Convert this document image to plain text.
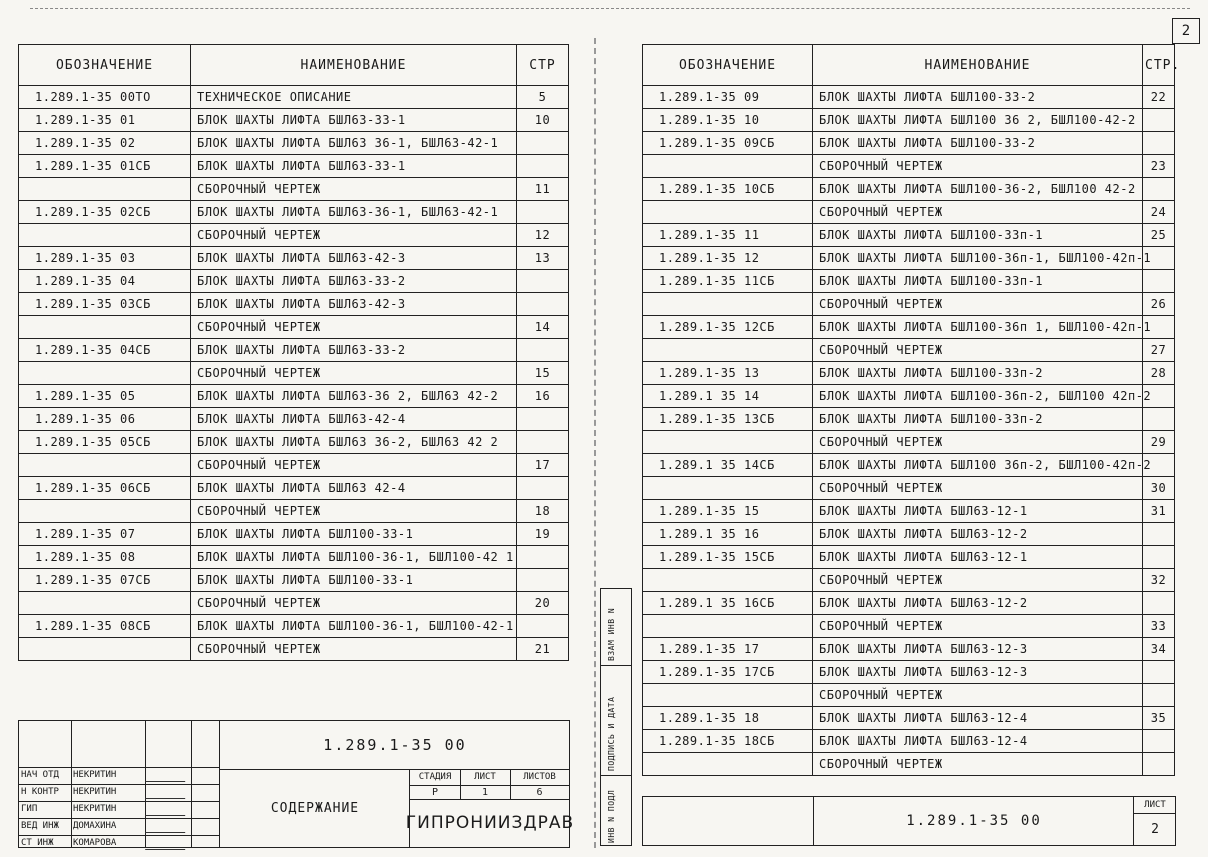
ОБОЗНАЧЕНИЕ	НАИМЕНОВАНИЕ	СТР
1.289.1-35 00ТО	ТЕХНИЧЕСКОЕ ОПИСАНИЕ	5
1.289.1-35 01	БЛОК ШАХТЫ ЛИФТА БШЛ63-33-1	10
1.289.1-35 02	БЛОК ШАХТЫ ЛИФТА БШЛ63 36-1, БШЛ63-42-1	
1.289.1-35 01СБ	БЛОК ШАХТЫ ЛИФТА БШЛ63-33-1	
	СБОРОЧНЫЙ ЧЕРТЕЖ	11
1.289.1-35 02СБ	БЛОК ШАХТЫ ЛИФТА БШЛ63-36-1, БШЛ63-42-1	
	СБОРОЧНЫЙ ЧЕРТЕЖ	12
1.289.1-35 03	БЛОК ШАХТЫ ЛИФТА БШЛ63-42-3	13
1.289.1-35 04	БЛОК ШАХТЫ ЛИФТА БШЛ63-33-2	
1.289.1-35 03СБ	БЛОК ШАХТЫ ЛИФТА БШЛ63-42-3	
	СБОРОЧНЫЙ ЧЕРТЕЖ	14
1.289.1-35 04СБ	БЛОК ШАХТЫ ЛИФТА БШЛ63-33-2	
	СБОРОЧНЫЙ ЧЕРТЕЖ	15
1.289.1-35 05	БЛОК ШАХТЫ ЛИФТА БШЛ63-36 2, БШЛ63 42-2	16
1.289.1-35 06	БЛОК ШАХТЫ ЛИФТА БШЛ63-42-4	
1.289.1-35 05СБ	БЛОК ШАХТЫ ЛИФТА БШЛ63 36-2, БШЛ63 42 2	
	СБОРОЧНЫЙ ЧЕРТЕЖ	17
1.289.1-35 06СБ	БЛОК ШАХТЫ ЛИФТА БШЛ63 42-4	
	СБОРОЧНЫЙ ЧЕРТЕЖ	18
1.289.1-35 07	БЛОК ШАХТЫ ЛИФТА БШЛ100-33-1	19
1.289.1-35 08	БЛОК ШАХТЫ ЛИФТА БШЛ100-36-1, БШЛ100-42 1	
1.289.1-35 07СБ	БЛОК ШАХТЫ ЛИФТА БШЛ100-33-1	
	СБОРОЧНЫЙ ЧЕРТЕЖ	20
1.289.1-35 08СБ	БЛОК ШАХТЫ ЛИФТА БШЛ100-36-1, БШЛ100-42-1	
	СБОРОЧНЫЙ ЧЕРТЕЖ	21
1.289.1-35 00
СОДЕРЖАНИЕ
СТАДИЯ	ЛИСТ	ЛИСТОВ
Р	1	6
ГИПРОНИИЗДРАВ
НАЧ ОТД НЕКРИТИН
Н КОНТР НЕКРИТИН
ГИП	НЕКРИТИН
ВЕД ИНЖ ДОМАХИНА
СТ ИНЖ КОМАРОВА
2
ОБОЗНАЧЕНИЕ	НАИМЕНОВАНИЕ	СТР.
1.289.1-35 09	БЛОК ШАХТЫ ЛИФТА БШЛ100-33-2	22
1.289.1-35 10	БЛОК ШАХТЫ ЛИФТА БШЛ100 36 2, БШЛ100-42-2	
1.289.1-35 09СБ	БЛОК ШАХТЫ ЛИФТА БШЛ100-33-2	
	СБОРОЧНЫЙ ЧЕРТЕЖ	23
1.289.1-35 10СБ	БЛОК ШАХТЫ ЛИФТА БШЛ100-36-2, БШЛ100 42-2	
	СБОРОЧНЫЙ ЧЕРТЕЖ	24
1.289.1-35 11	БЛОК ШАХТЫ ЛИФТА БШЛ100-33п-1	25
1.289.1-35 12	БЛОК ШАХТЫ ЛИФТА БШЛ100-36п-1, БШЛ100-42п-1	
1.289.1-35 11СБ	БЛОК ШАХТЫ ЛИФТА БШЛ100-33п-1	
	СБОРОЧНЫЙ ЧЕРТЕЖ	26
1.289.1-35 12СБ	БЛОК ШАХТЫ ЛИФТА БШЛ100-36п 1, БШЛ100-42п-1	
	СБОРОЧНЫЙ ЧЕРТЕЖ	27
1.289.1-35 13	БЛОК ШАХТЫ ЛИФТА БШЛ100-33п-2	28
1.289.1 35 14	БЛОК ШАХТЫ ЛИФТА БШЛ100-36п-2, БШЛ100 42п-2	
1.289.1-35 13СБ	БЛОК ШАХТЫ ЛИФТА БШЛ100-33п-2	
	СБОРОЧНЫЙ ЧЕРТЕЖ	29
1.289.1 35 14СБ	БЛОК ШАХТЫ ЛИФТА БШЛ100 36п-2, БШЛ100-42п-2	
	СБОРОЧНЫЙ ЧЕРТЕЖ	30
1.289.1-35 15	БЛОК ШАХТЫ ЛИФТА БШЛ63-12-1	31
1.289.1 35 16	БЛОК ШАХТЫ ЛИФТА БШЛ63-12-2	
1.289.1-35 15СБ	БЛОК ШАХТЫ ЛИФТА БШЛ63-12-1	
	СБОРОЧНЫЙ ЧЕРТЕЖ	32
1.289.1 35 16СБ	БЛОК ШАХТЫ ЛИФТА БШЛ63-12-2	
	СБОРОЧНЫЙ ЧЕРТЕЖ	33
1.289.1-35 17	БЛОК ШАХТЫ ЛИФТА БШЛ63-12-3	34
1.289.1-35 17СБ	БЛОК ШАХТЫ ЛИФТА БШЛ63-12-3	
	СБОРОЧНЫЙ ЧЕРТЕЖ	
1.289.1-35 18	БЛОК ШАХТЫ ЛИФТА БШЛ63-12-4	35
1.289.1-35 18СБ	БЛОК ШАХТЫ ЛИФТА БШЛ63-12-4	
	СБОРОЧНЫЙ ЧЕРТЕЖ	
ВЗАМ ИНВ N
ПОДПИСЬ И ДАТА
ИНВ N ПОДЛ	1.289.1-35 00
ЛИСТ
2
